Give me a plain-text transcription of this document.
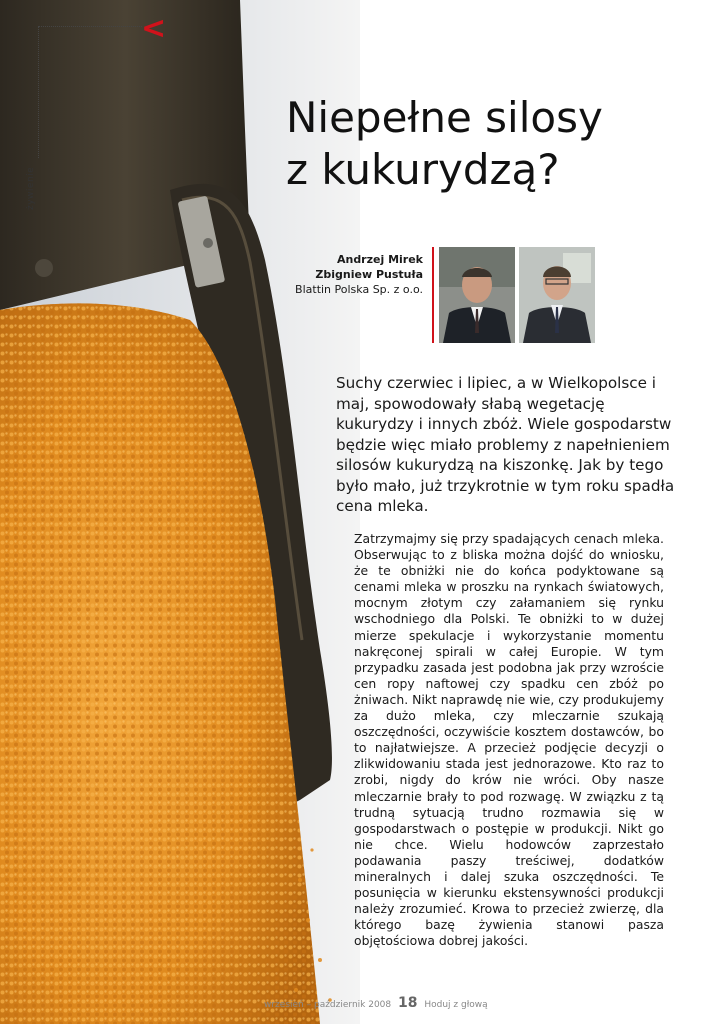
<
żywienie
Niepełne silosy
z kukurydzą?
Andrzej Mirek
Zbigniew Pustuła
Blattin Polska Sp. z o.o.

Suchy czerwiec i lipiec, a w Wielkopolsce i maj, spowodowały słabą wegetację kukurydzy i innych zbóż. Wiele gospodarstw będzie więc miało problemy z napełnieniem silosów kukurydzą na kiszonkę. Jak by tego było mało, już trzykrotnie w tym roku spadła cena mleka.

Zatrzymajmy się przy spadających cenach mleka. Obserwując to z bliska można dojść do wniosku, że te obniżki nie do końca podyktowane są cenami mleka w proszku na rynkach światowych, mocnym złotym czy załamaniem się rynku wschodniego dla Polski. Te obniżki to w dużej mierze spekulacje i wykorzystanie momentu nakręconej spirali w całej Europie. W tym przypadku zasada jest podobna jak przy wzroście cen ropy naftowej czy spadku cen zbóż po żniwach. Nikt naprawdę nie wie, czy produkujemy za dużo mleka, czy mleczarnie szukają oszczędności, oczywiście kosztem dostawców, bo to najłatwiejsze. A przecież podjęcie decyzji o zlikwidowaniu stada jest jednorazowe. Kto raz to zrobi, nigdy do krów nie wróci. Oby nasze mleczarnie brały to pod rozwagę. W związku z tą trudną sytuacją trudno rozmawia się w gospodarstwach o postępie w produkcji. Nikt go nie chce. Wielu hodowców zaprzestało podawania paszy treściwej, dodatków mineralnych i dalej szuka oszczędności. Te posunięcia w kierunku ekstensywności produkcji należy zrozumieć. Krowa to przecież zwierzę, dla którego bazę żywienia stanowi pasza objętościowa dobrej jakości.

wrzesień – październik 2008 18 Hoduj z głową
